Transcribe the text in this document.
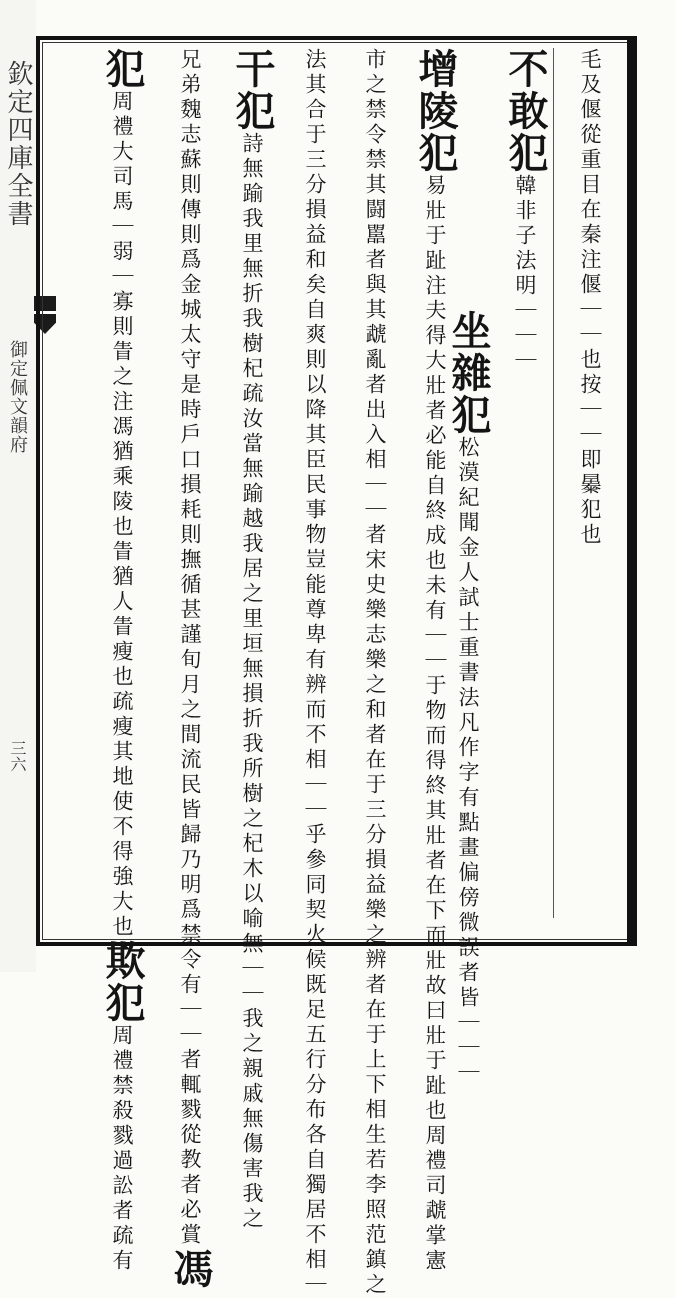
欽定四庫全書
御定佩文韻府
三六
毛及偃從重目在秦注偃｜｜也按｜｜即㬥犯也
不敢犯韓非子法明｜｜｜
坐雜犯松漠紀聞金人試士重書法凡作字有點畫偏傍微誤者皆｜｜｜
增陵犯易壯于趾注夫得大壯者必能自終成也未有｜｜于物而得終其壯者在下而壯故曰壯于趾也周禮司虣掌憲
市之禁令禁其闘嚚者與其虣亂者出入相｜｜者宋史樂志樂之和者在于三分損益樂之辨者在于上下相生若李照范鎮之
法其合于三分損益和矣自爽則以降其臣民事物豈能尊卑有辨而不相｜｜乎參同契火候既足五行分布各自獨居不相｜
干犯詩無踰我里無折我樹杞疏汝當無踰越我居之里垣無損折我所樹之杞木以喻無｜｜我之親戚無傷害我之
兄弟魏志蘇則傳則爲金城太守是時戶口損耗則撫循甚謹旬月之間流民皆歸乃明爲禁令有｜｜者輒戮從教者必賞馮
犯周禮大司馬｜弱｜寡則眚之注馮猶乘陵也眚猶人眚瘦也疏瘦其地使不得強大也欺犯周禮禁殺戮過訟者疏有
